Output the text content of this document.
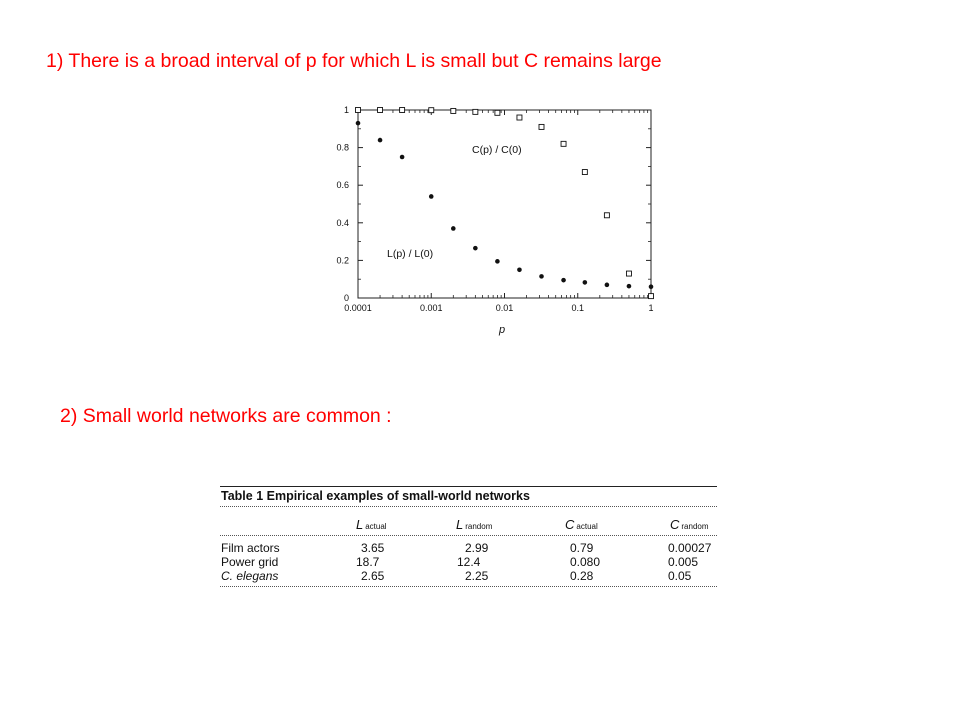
1) There is a broad interval of p for which L is small but C remains large
0.0001	0.001	0.01	0.1	1
0
0.2
0.4
0.6
0.8
1
C(p) / C(0)
L(p) / L(0)
p
2) Small world networks are common :
Table 1 Empirical examples of small-world networks
Lactual	Lrandom	Cactual	Crandom
Film actors	3.65	2.99	0.79	0.00027
Power grid	18.7	12.4	0.080	0.005
C. elegans	2.65	2.25	0.28	0.05
